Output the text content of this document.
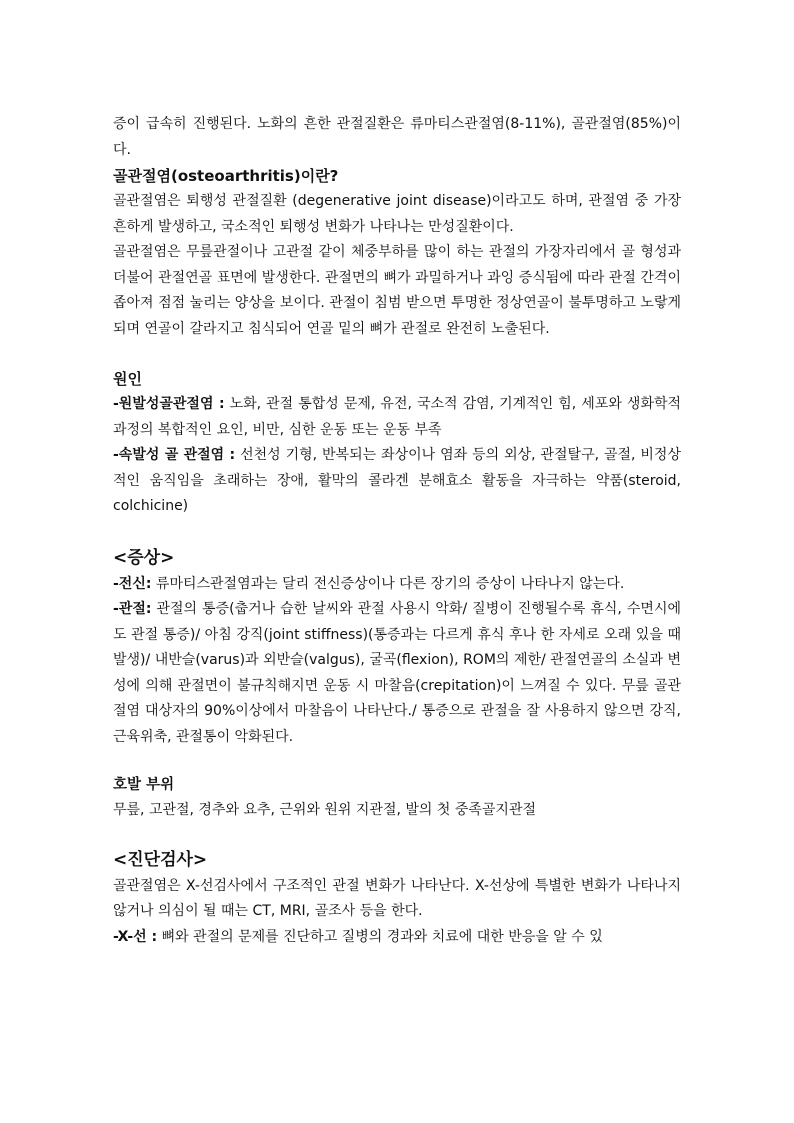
증이 급속히 진행된다. 노화의 흔한 관절질환은 류마티스관절염(8-11%), 골관절염(85%)이다.

골관절염(osteoarthritis)이란?

골관절염은 퇴행성 관절질환 (degenerative joint disease)이라고도 하며, 관절염 중 가장 흔하게 발생하고, 국소적인 퇴행성 변화가 나타나는 만성질환이다.

골관절염은 무릎관절이나 고관절 같이 체중부하를 많이 하는 관절의 가장자리에서 골 형성과 더불어 관절연골 표면에 발생한다. 관절면의 뼈가 과밀하거나 과잉 증식됨에 따라 관절 간격이 좁아져 점점 눌리는 양상을 보이다. 관절이 침범 받으면 투명한 정상연골이 불투명하고 노랗게 되며 연골이 갈라지고 침식되어 연골 밑의 뼈가 관절로 완전히 노출된다.

원인

-원발성골관절염 : 노화, 관절 통합성 문제, 유전, 국소적 감염, 기계적인 힘, 세포와 생화학적 과정의 복합적인 요인, 비만, 심한 운동 또는 운동 부족

-속발성 골 관절염 : 선천성 기형, 반복되는 좌상이나 염좌 등의 외상, 관절탈구, 골절, 비정상적인 움직임을 초래하는 장애, 활막의 콜라겐 분해효소 활동을 자극하는 약품(steroid, colchicine)

<증상>

-전신: 류마티스관절염과는 달리 전신증상이나 다른 장기의 증상이 나타나지 않는다.

-관절: 관절의 통증(춥거나 습한 날씨와 관절 사용시 악화/ 질병이 진행될수록 휴식, 수면시에도 관절 통증)/ 아침 강직(joint stiffness)(통증과는 다르게 휴식 후나 한 자세로 오래 있을 때 발생)/ 내반슬(varus)과 외반슬(valgus), 굴곡(flexion), ROM의 제한/ 관절연골의 소실과 변성에 의해 관절면이 불규칙해지면 운동 시 마찰음(crepitation)이 느껴질 수 있다. 무릎 골관절염 대상자의 90%이상에서 마찰음이 나타난다./ 통증으로 관절을 잘 사용하지 않으면 강직, 근육위축, 관절통이 악화된다.

호발 부위

무릎, 고관절, 경추와 요추, 근위와 원위 지관절, 발의 첫 중족골지관절

<진단검사>

골관절염은 X-선검사에서 구조적인 관절 변화가 나타난다. X-선상에 특별한 변화가 나타나지 않거나 의심이 될 때는 CT, MRI, 골조사 등을 한다.

-X-선 : 뼈와 관절의 문제를 진단하고 질병의 경과와 치료에 대한 반응을 알 수 있
